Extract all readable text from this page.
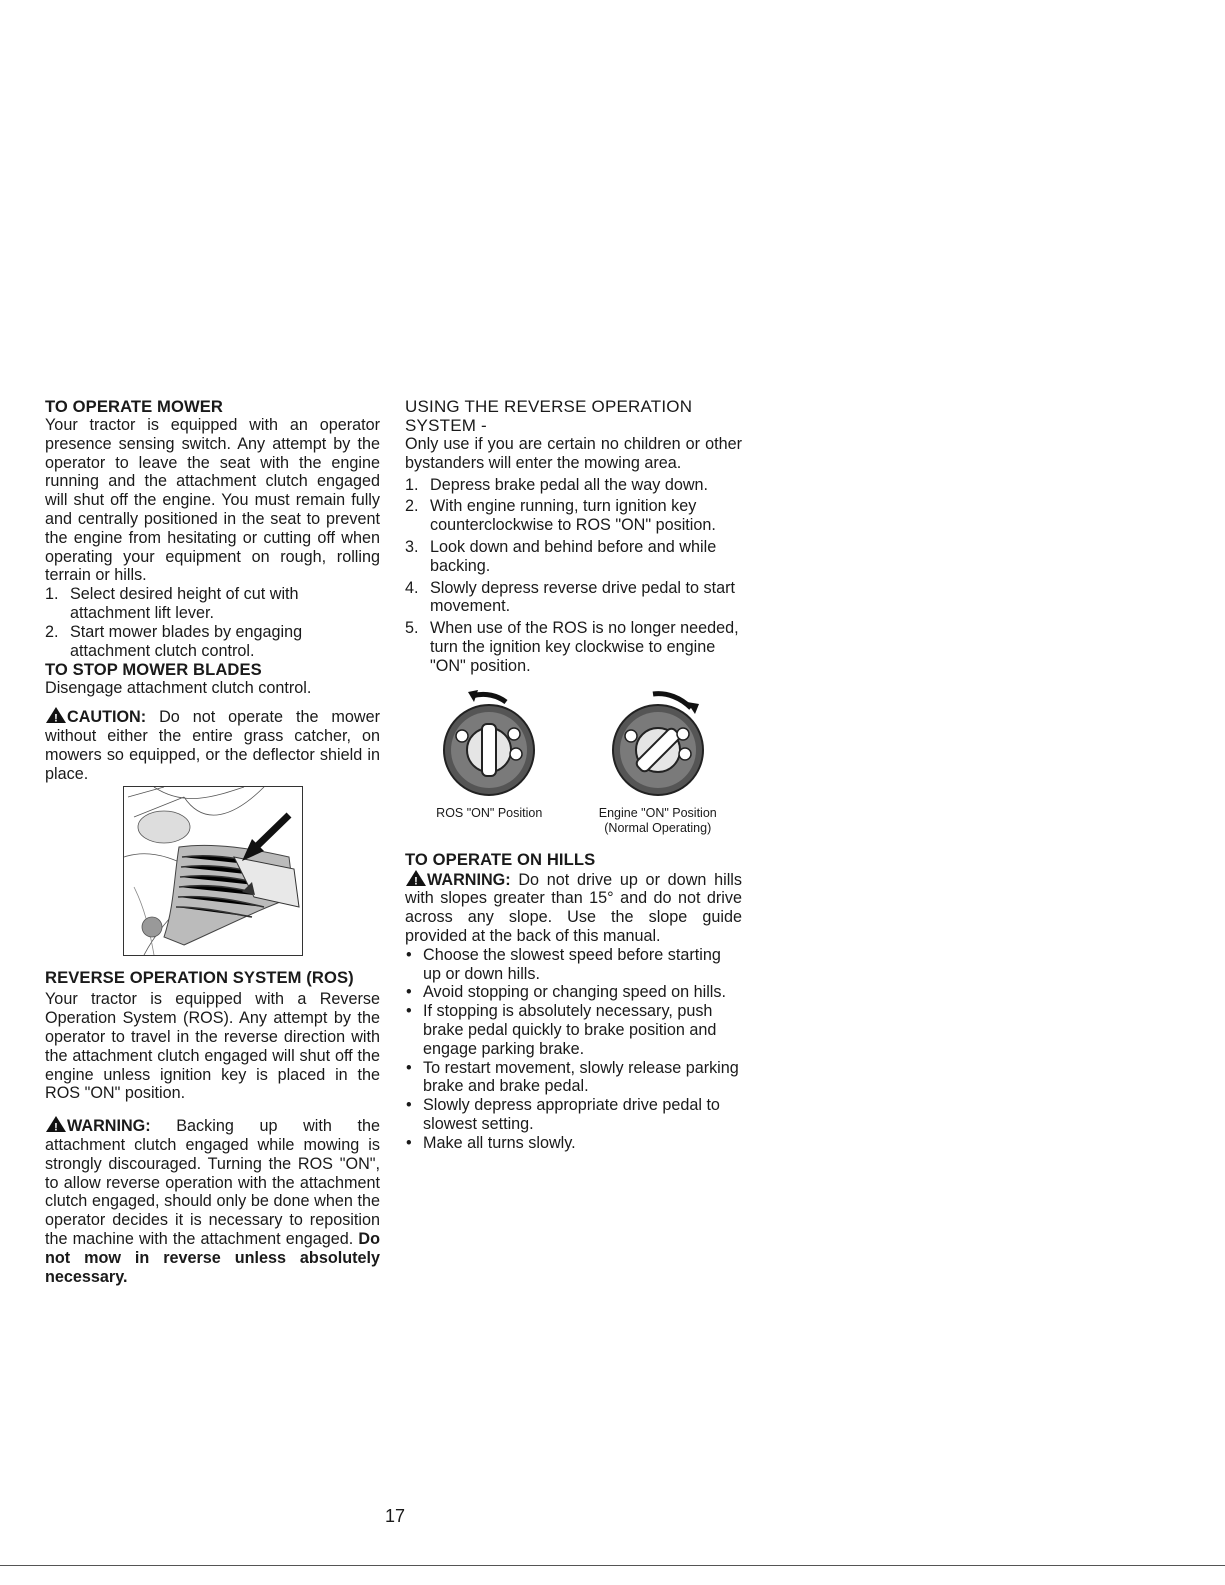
TO OPERATE MOWER

Your tractor is equipped with an operator presence sensing switch. Any attempt by the operator to leave the seat with the engine running and the attachment clutch engaged will shut off the engine. You must remain fully and centrally positioned in the seat to prevent the engine from hesitating or cutting off when operating your equipment on rough, rolling terrain or hills.

1. Select desired height of cut with attachment lift lever.
2. Start mower blades by engaging attachment clutch control.
TO STOP MOWER BLADES

Disengage attachment clutch control.

! CAUTION: Do not operate the mower without either the entire grass catcher, on mowers so equipped, or the deflector shield in place.

REVERSE OPERATION SYSTEM (ROS)

Your tractor is equipped with a Reverse Operation System (ROS). Any attempt by the operator to travel in the reverse direction with the attachment clutch engaged will shut off the engine unless ignition key is placed in the ROS "ON" position.

! WARNING: Backing up with the attachment clutch engaged while mowing is strongly discouraged. Turning the ROS "ON", to allow reverse operation with the attachment clutch engaged, should only be done when the operator decides it is necessary to reposition the machine with the attachment engaged. Do not mow in reverse unless absolutely necessary.

USING THE REVERSE OPERATION

SYSTEM -

Only use if you are certain no children or other bystanders will enter the mowing area.

1. Depress brake pedal all the way down.
2. With engine running, turn ignition key counterclockwise to ROS "ON" position.
3. Look down and behind before and while backing.
4. Slowly depress reverse drive pedal to start movement.
5. When use of the ROS is no longer needed, turn the ignition key clockwise to engine "ON" position.
ROS "ON" Position	Engine "ON" Position
(Normal Operating)
TO OPERATE ON HILLS

! WARNING: Do not drive up or down hills with slopes greater than 15° and do not drive across any slope. Use the slope guide provided at the back of this manual.

• Choose the slowest speed before starting up or down hills.
• Avoid stopping or changing speed on hills.
• If stopping is absolutely necessary, push brake pedal quickly to brake position and engage parking brake.
• To restart movement, slowly release parking brake and brake pedal.
• Slowly depress appropriate drive pedal to slowest setting.
• Make all turns slowly.
17
